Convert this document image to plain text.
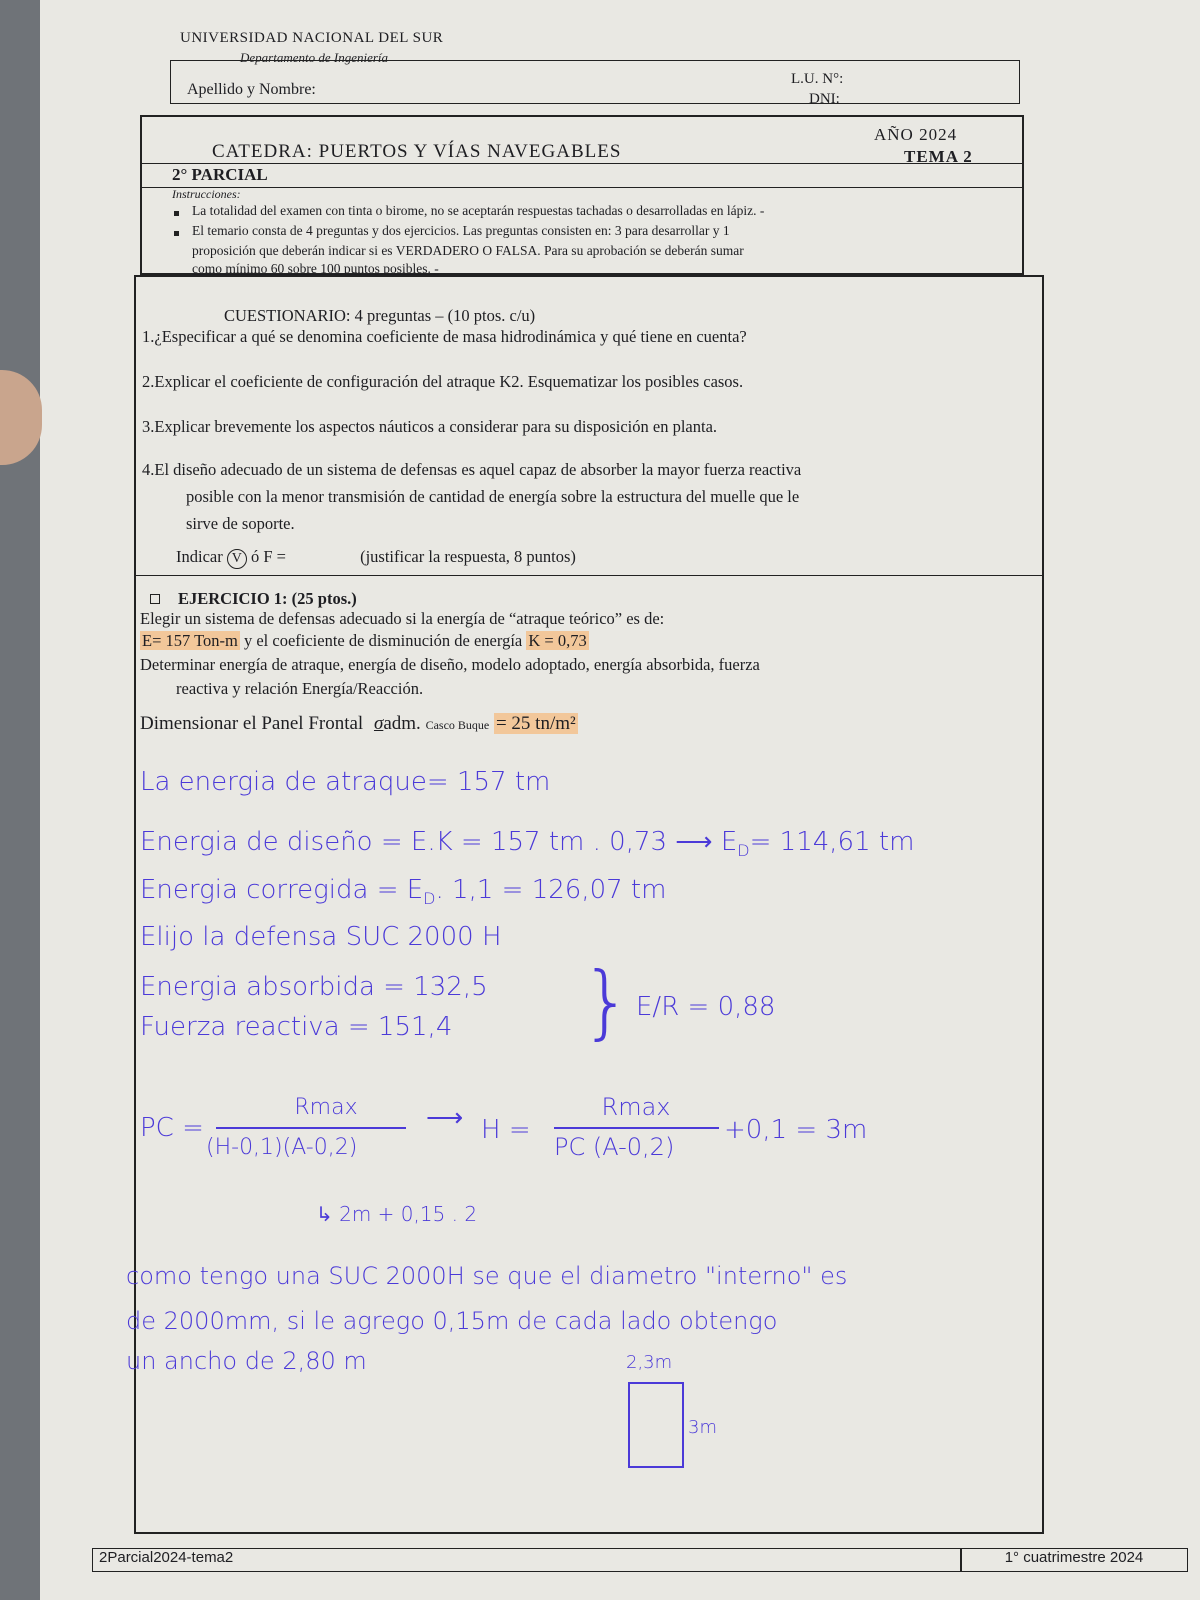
UNIVERSIDAD NACIONAL DEL SUR
Departamento de Ingeniería
Apellido y Nombre:
L.U. N°:
DNI:
AÑO 2024
CATEDRA: PUERTOS Y VÍAS NAVEGABLES	TEMA 2
2° PARCIAL
Instrucciones:
La totalidad del examen con tinta o birome, no se aceptarán respuestas tachadas o desarrolladas en lápiz. -
El temario consta de 4 preguntas y dos ejercicios. Las preguntas consisten en: 3 para desarrollar y 1
proposición que deberán indicar si es VERDADERO O FALSA. Para su aprobación se deberán sumar
como mínimo 60 sobre 100 puntos posibles. -
CUESTIONARIO: 4 preguntas – (10 ptos. c/u)
1.¿Especificar a qué se denomina coeficiente de masa hidrodinámica y qué tiene en cuenta?
2.Explicar el coeficiente de configuración del atraque K2. Esquematizar los posibles casos.
3.Explicar brevemente los aspectos náuticos a considerar para su disposición en planta.
4.El diseño adecuado de un sistema de defensas es aquel capaz de absorber la mayor fuerza reactiva
posible con la menor transmisión de cantidad de energía sobre la estructura del muelle que le
sirve de soporte.
Indicar V ó F =	(justificar la respuesta, 8 puntos)
EJERCICIO 1: (25 ptos.)
Elegir un sistema de defensas adecuado si la energía de “atraque teórico” es de:
E= 157 Ton-m y el coeficiente de disminución de energía K = 0,73
Determinar energía de atraque, energía de diseño, modelo adoptado, energía absorbida, fuerza
reactiva y relación Energía/Reacción.
Dimensionar el Panel Frontal σadm. Casco Buque = 25 tn/m²
La energia de atraque= 157 tm
Energia de diseño = E.K = 157 tm . 0,73 ⟶ $E_D= 114,61$ tm
Energia corregida = $E_D$. 1,1 = 126,07 tm
Elijo la defensa SUC 2000 H
Energia absorbida = 132,5
Fuerza reactiva = 151,4 } E/R = 0,88
PC =
Rmax
(H-0,1)(A-0,2)
⟶ H =
Rmax
PC (A-0,2)
+0,1 = 3m
↳ 2m + 0,15 . 2
como tengo una SUC 2000H se que el diametro "interno" es
de 2000mm, si le agrego 0,15m de cada lado obtengo
un ancho de 2,80 m	2,3m
3m
2Parcial2024-tema2	1° cuatrimestre 2024
